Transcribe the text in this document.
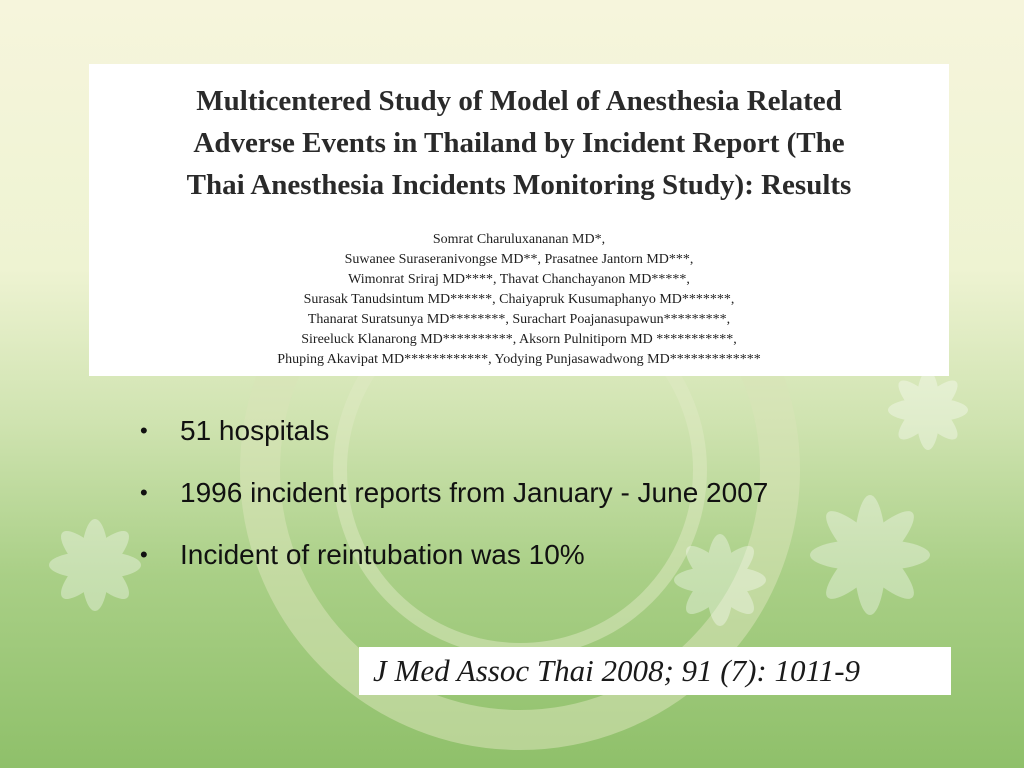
Multicentered Study of Model of Anesthesia Related
Adverse Events in Thailand by Incident Report (The
Thai Anesthesia Incidents Monitoring Study): Results
Somrat Charuluxananan MD*,
Suwanee Suraseranivongse MD**, Prasatnee Jantorn MD***,
Wimonrat Sriraj MD****, Thavat Chanchayanon MD*****,
Surasak Tanudsintum MD******, Chaiyapruk Kusumaphanyo MD*******,
Thanarat Suratsunya MD********, Surachart Poajanasupawun*********,
Sireeluck Klanarong MD**********, Aksorn Pulnitiporn MD ***********,
Phuping Akavipat MD************, Yodying Punjasawadwong MD*************
• 51 hospitals
• 1996 incident reports from January - June 2007
• Incident of reintubation was 10%
J Med Assoc Thai 2008; 91 (7): 1011-9
